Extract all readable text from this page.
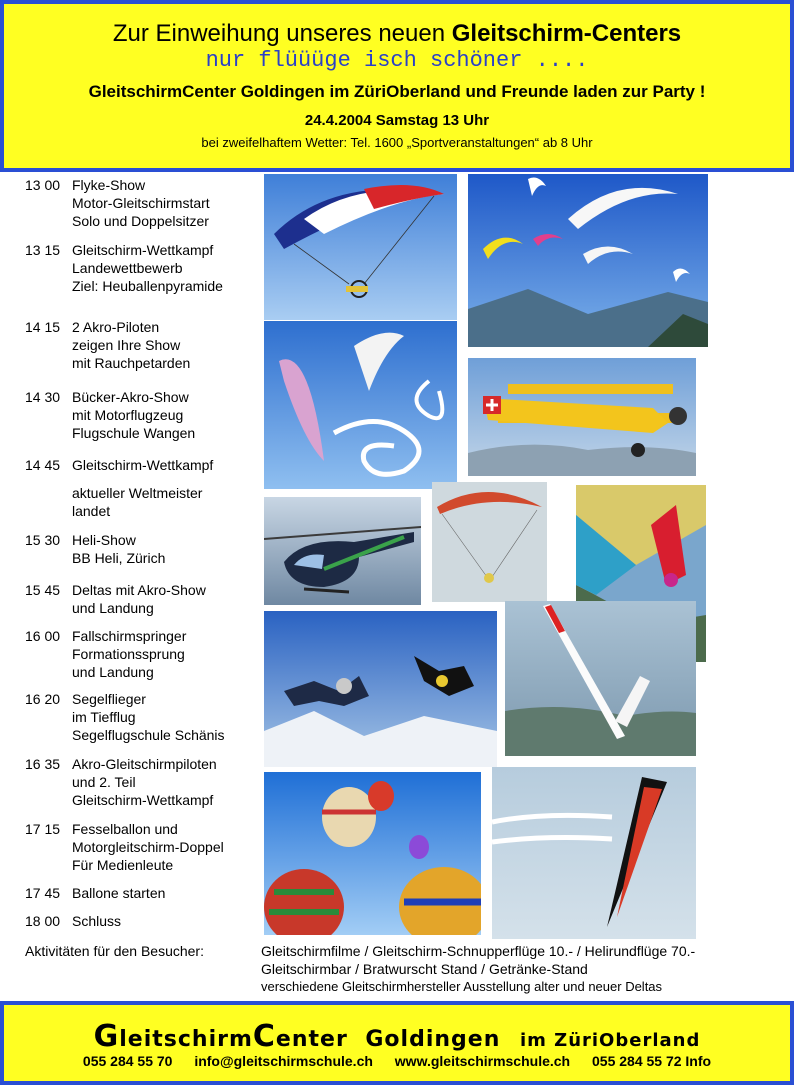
Zur Einweihung unseres neuen Gleitschirm-Centers
nur flüüüge isch schöner ....
GleitschirmCenter Goldingen im ZüriOberland und Freunde laden zur Party !
24.4.2004 Samstag 13 Uhr
bei zweifelhaftem Wetter: Tel. 1600 „Sportveranstaltungen“ ab 8 Uhr
13 00 Flyke-Show
Motor-Gleitschirmstart
Solo und Doppelsitzer
13 15 Gleitschirm-Wettkampf
Landewettbewerb
Ziel: Heuballenpyramide
14 15 2 Akro-Piloten
zeigen Ihre Show
mit Rauchpetarden
14 30 Bücker-Akro-Show
mit Motorflugzeug
Flugschule Wangen
14 45 Gleitschirm-Wettkampf
aktueller Weltmeister
landet
15 30 Heli-Show
BB Heli, Zürich
15 45 Deltas mit Akro-Show
und Landung
16 00 Fallschirmspringer
Formationssprung
und Landung
16 20 Segelflieger
im Tiefflug
Segelflugschule Schänis
16 35 Akro-Gleitschirmpiloten
und 2. Teil
Gleitschirm-Wettkampf
17 15 Fesselballon und
Motorgleitschirm-Doppel
Für Medienleute
17 45 Ballone starten
18 00 Schluss
Aktivitäten für den Besucher:	Gleitschirmfilme / Gleitschirm-Schnupperflüge 10.- / Helirundflüge 70.-
Gleitschirmbar / Bratwurscht Stand / Getränke-Stand
verschiedene Gleitschirmhersteller Ausstellung alter und neuer Deltas
GleitschirmCenter Goldingen im ZüriOberland
055 284 55 70 info@gleitschirmschule.ch www.gleitschirmschule.ch 055 284 55 72 Info
